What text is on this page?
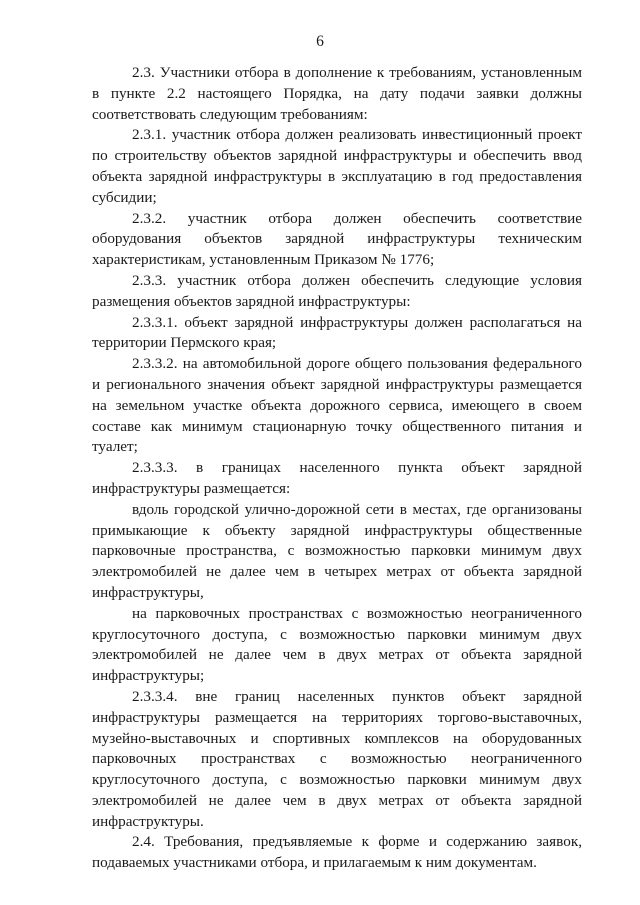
6

2.3. Участники отбора в дополнение к требованиям, установленным в пункте 2.2 настоящего Порядка, на дату подачи заявки должны соответствовать следующим требованиям:

2.3.1. участник отбора должен реализовать инвестиционный проект по строительству объектов зарядной инфраструктуры и обеспечить ввод объекта зарядной инфраструктуры в эксплуатацию в год предоставления субсидии;

2.3.2. участник отбора должен обеспечить соответствие оборудования объектов зарядной инфраструктуры техническим характеристикам, установленным Приказом № 1776;

2.3.3. участник отбора должен обеспечить следующие условия размещения объектов зарядной инфраструктуры:

2.3.3.1. объект зарядной инфраструктуры должен располагаться на территории Пермского края;

2.3.3.2. на автомобильной дороге общего пользования федерального и регионального значения объект зарядной инфраструктуры размещается на земельном участке объекта дорожного сервиса, имеющего в своем составе как минимум стационарную точку общественного питания и туалет;

2.3.3.3. в границах населенного пункта объект зарядной инфраструктуры размещается:

вдоль городской улично-дорожной сети в местах, где организованы примыкающие к объекту зарядной инфраструктуры общественные парковочные пространства, с возможностью парковки минимум двух электромобилей не далее чем в четырех метрах от объекта зарядной инфраструктуры,

на парковочных пространствах с возможностью неограниченного круглосуточного доступа, с возможностью парковки минимум двух электромобилей не далее чем в двух метрах от объекта зарядной инфраструктуры;

2.3.3.4. вне границ населенных пунктов объект зарядной инфраструктуры размещается на территориях торгово-выставочных, музейно-выставочных и спортивных комплексов на оборудованных парковочных пространствах с возможностью неограниченного круглосуточного доступа, с возможностью парковки минимум двух электромобилей не далее чем в двух метрах от объекта зарядной инфраструктуры.

2.4. Требования, предъявляемые к форме и содержанию заявок, подаваемых участниками отбора, и прилагаемым к ним документам.
